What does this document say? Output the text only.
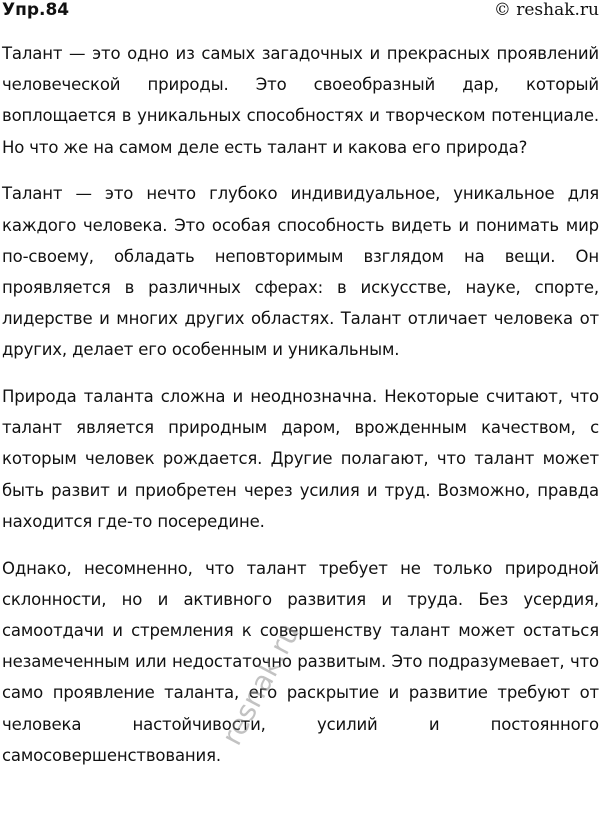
Упр.84	© reshak.ru

Талант — это одно из самых загадочных и прекрасных проявлений человеческой природы. Это своеобразный дар, который воплощается в уникальных способностях и творческом потенциале. Но что же на самом деле есть талант и какова его природа?

Талант — это нечто глубоко индивидуальное, уникальное для каждого человека. Это особая способность видеть и понимать мир по-своему, обладать неповторимым взглядом на вещи. Он проявляется в различных сферах: в искусстве, науке, спорте, лидерстве и многих других областях. Талант отличает человека от других, делает его особенным и уникальным.

Природа таланта сложна и неоднозначна. Некоторые считают, что талант является природным даром, врожденным качеством, с которым человек рождается. Другие полагают, что талант может быть развит и приобретен через усилия и труд. Возможно, правда находится где-то посередине.

Однако, несомненно, что талант требует не только природной склонности, но и активного развития и труда. Без усердия, самоотдачи и стремления к совершенству талант может остаться незамеченным или недостаточно развитым. Это подразумевает, что само проявление таланта, его раскрытие и развитие требуют от человека настойчивости, усилий и постоянного самосовершенствования.

resnak.ru
